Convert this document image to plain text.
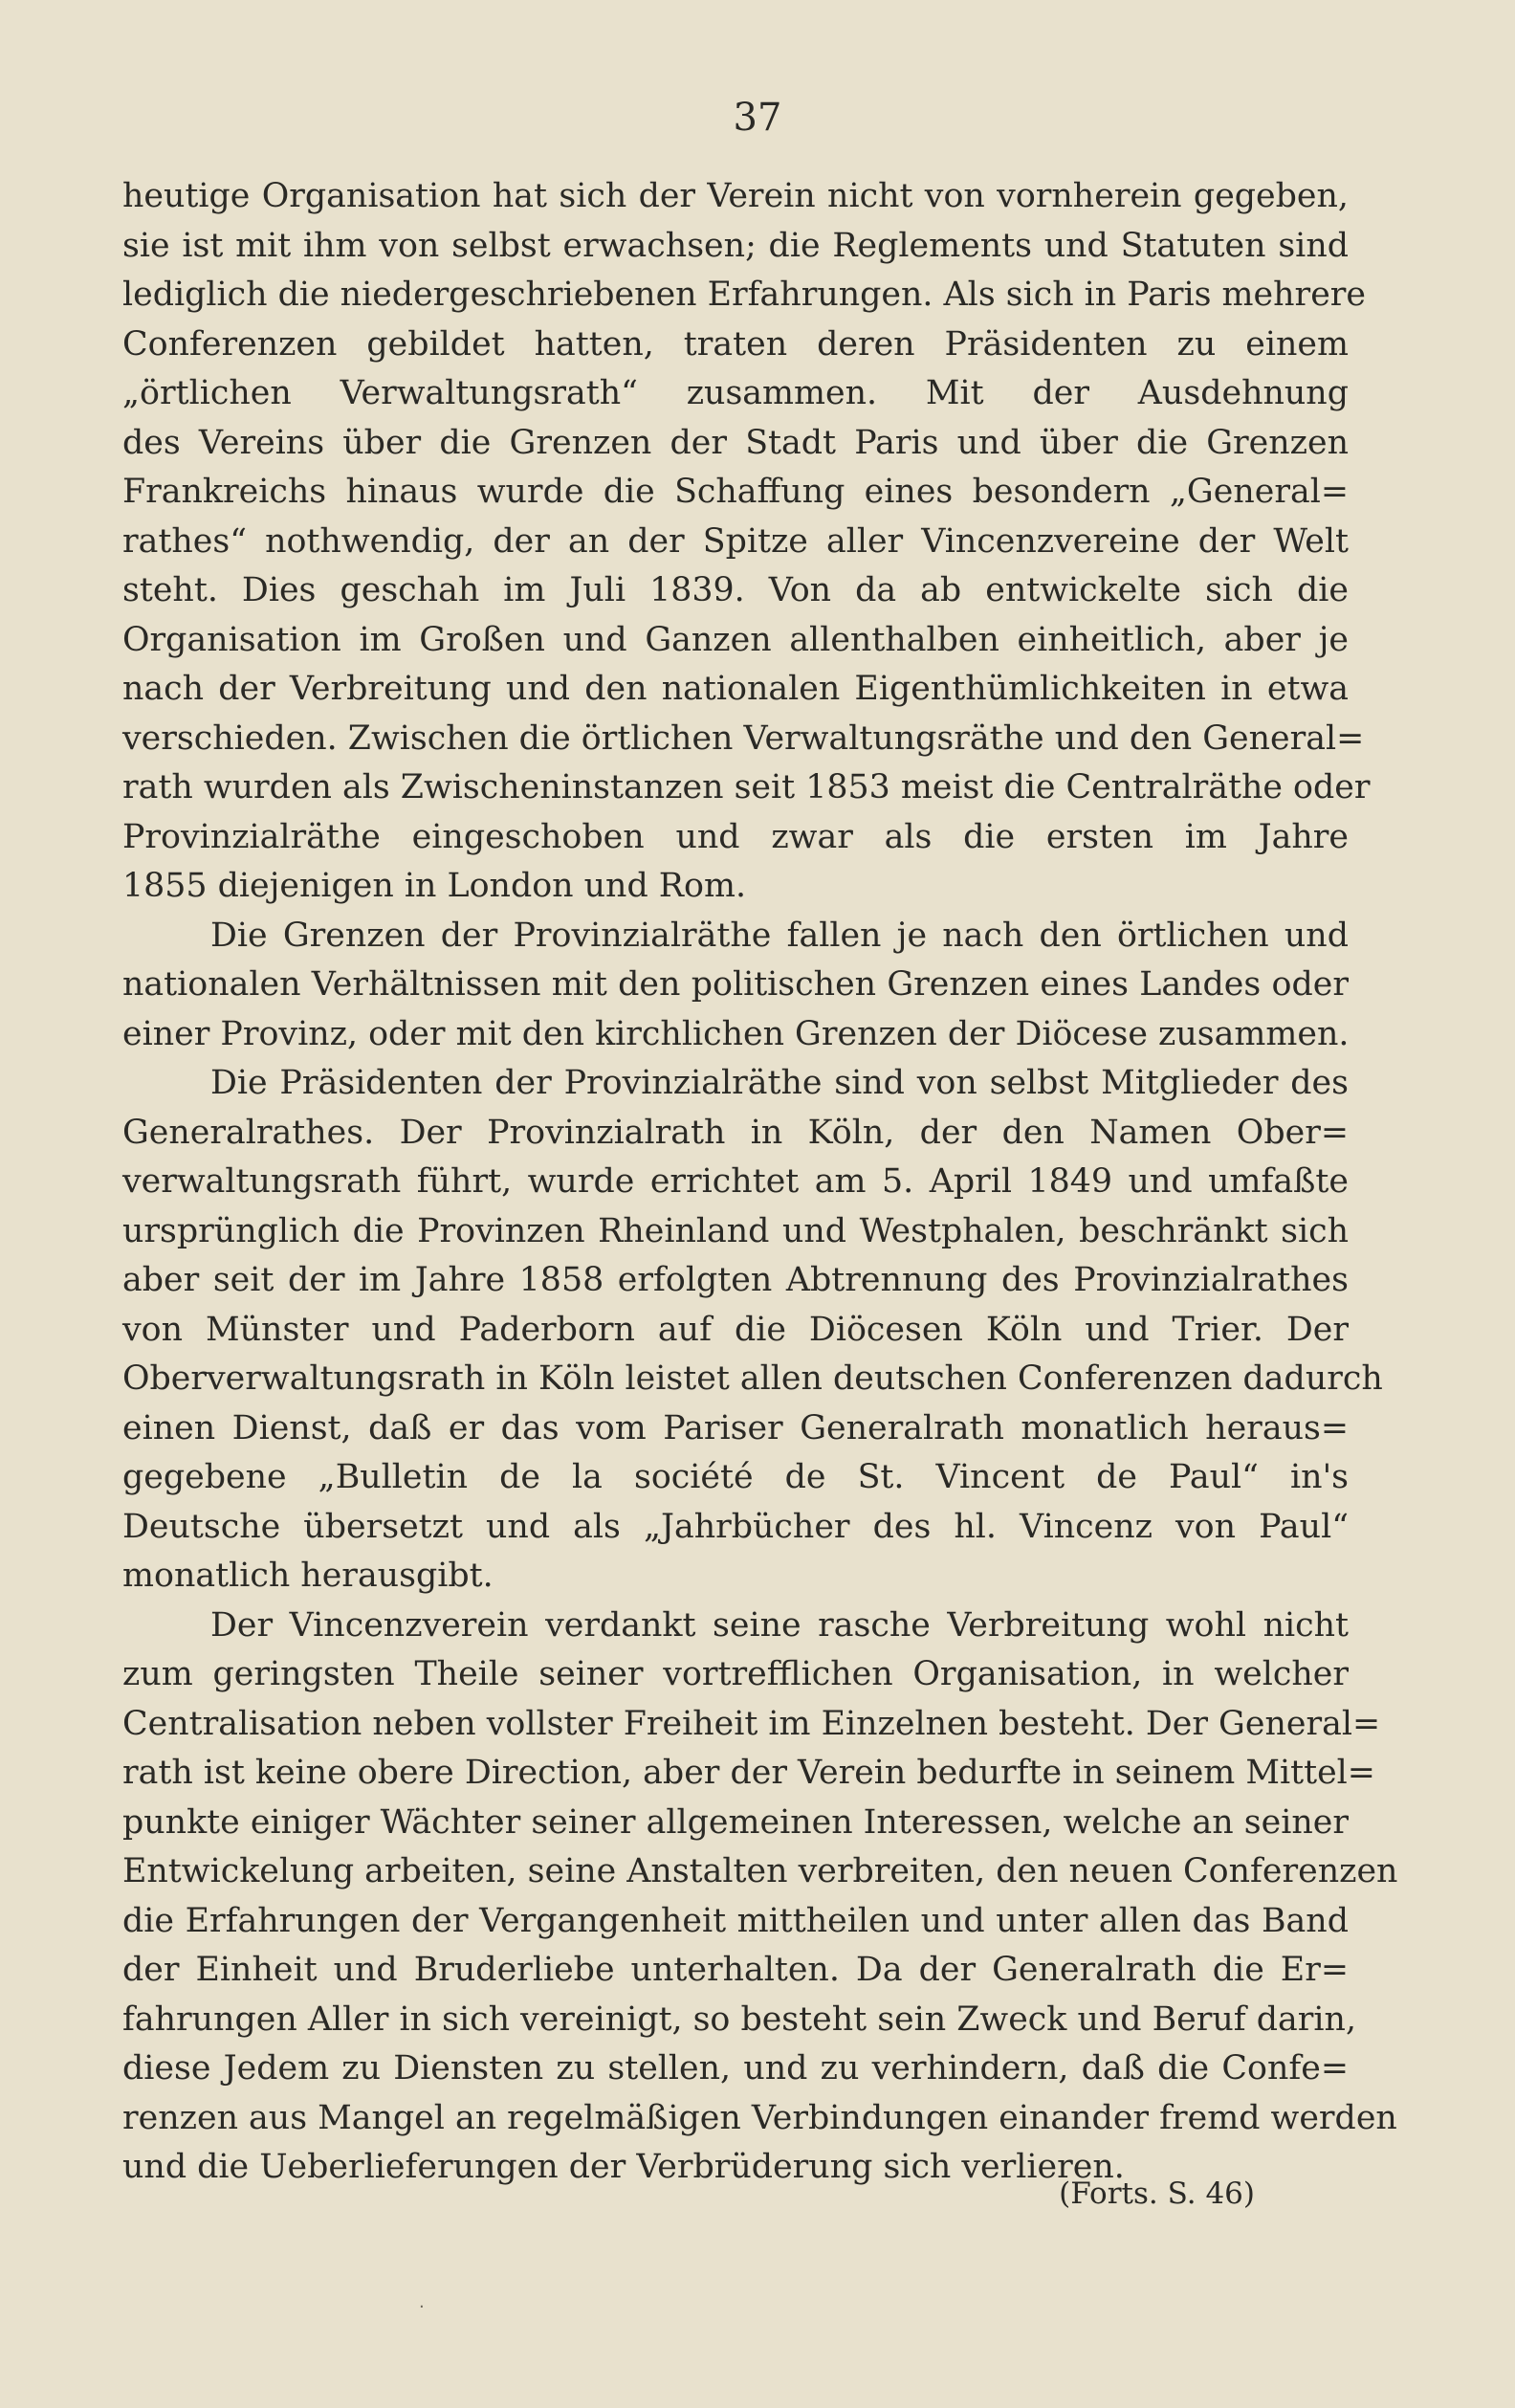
37
heutige Organisation hat sich der Verein nicht von vornherein gegeben,
sie ist mit ihm von selbst erwachsen; die Reglements und Statuten sind
lediglich die niedergeschriebenen Erfahrungen. Als sich in Paris mehrere
Conferenzen gebildet hatten, traten deren Präsidenten zu einem
„örtlichen Verwaltungsrath“ zusammen. Mit der Ausdehnung
des Vereins über die Grenzen der Stadt Paris und über die Grenzen
Frankreichs hinaus wurde die Schaffung eines besondern „General=
rathes“ nothwendig, der an der Spitze aller Vincenzvereine der Welt
steht. Dies geschah im Juli 1839. Von da ab entwickelte sich die
Organisation im Großen und Ganzen allenthalben einheitlich, aber je
nach der Verbreitung und den nationalen Eigenthümlichkeiten in etwa
verschieden. Zwischen die örtlichen Verwaltungsräthe und den General=
rath wurden als Zwischeninstanzen seit 1853 meist die Centralräthe oder
Provinzialräthe eingeschoben und zwar als die ersten im Jahre
1855 diejenigen in London und Rom.
Die Grenzen der Provinzialräthe fallen je nach den örtlichen und
nationalen Verhältnissen mit den politischen Grenzen eines Landes oder
einer Provinz, oder mit den kirchlichen Grenzen der Diöcese zusammen.
Die Präsidenten der Provinzialräthe sind von selbst Mitglieder des
Generalrathes. Der Provinzialrath in Köln, der den Namen Ober=
verwaltungsrath führt, wurde errichtet am 5. April 1849 und umfaßte
ursprünglich die Provinzen Rheinland und Westphalen, beschränkt sich
aber seit der im Jahre 1858 erfolgten Abtrennung des Provinzialrathes
von Münster und Paderborn auf die Diöcesen Köln und Trier. Der
Oberverwaltungsrath in Köln leistet allen deutschen Conferenzen dadurch
einen Dienst, daß er das vom Pariser Generalrath monatlich heraus=
gegebene „Bulletin de la société de St. Vincent de Paul“ in's
Deutsche übersetzt und als „Jahrbücher des hl. Vincenz von Paul“
monatlich herausgibt.
Der Vincenzverein verdankt seine rasche Verbreitung wohl nicht
zum geringsten Theile seiner vortrefflichen Organisation, in welcher
Centralisation neben vollster Freiheit im Einzelnen besteht. Der General=
rath ist keine obere Direction, aber der Verein bedurfte in seinem Mittel=
punkte einiger Wächter seiner allgemeinen Interessen, welche an seiner
Entwickelung arbeiten, seine Anstalten verbreiten, den neuen Conferenzen
die Erfahrungen der Vergangenheit mittheilen und unter allen das Band
der Einheit und Bruderliebe unterhalten. Da der Generalrath die Er=
fahrungen Aller in sich vereinigt, so besteht sein Zweck und Beruf darin,
diese Jedem zu Diensten zu stellen, und zu verhindern, daß die Confe=
renzen aus Mangel an regelmäßigen Verbindungen einander fremd werden
und die Ueberlieferungen der Verbrüderung sich verlieren.
(Forts. S. 46)
·
